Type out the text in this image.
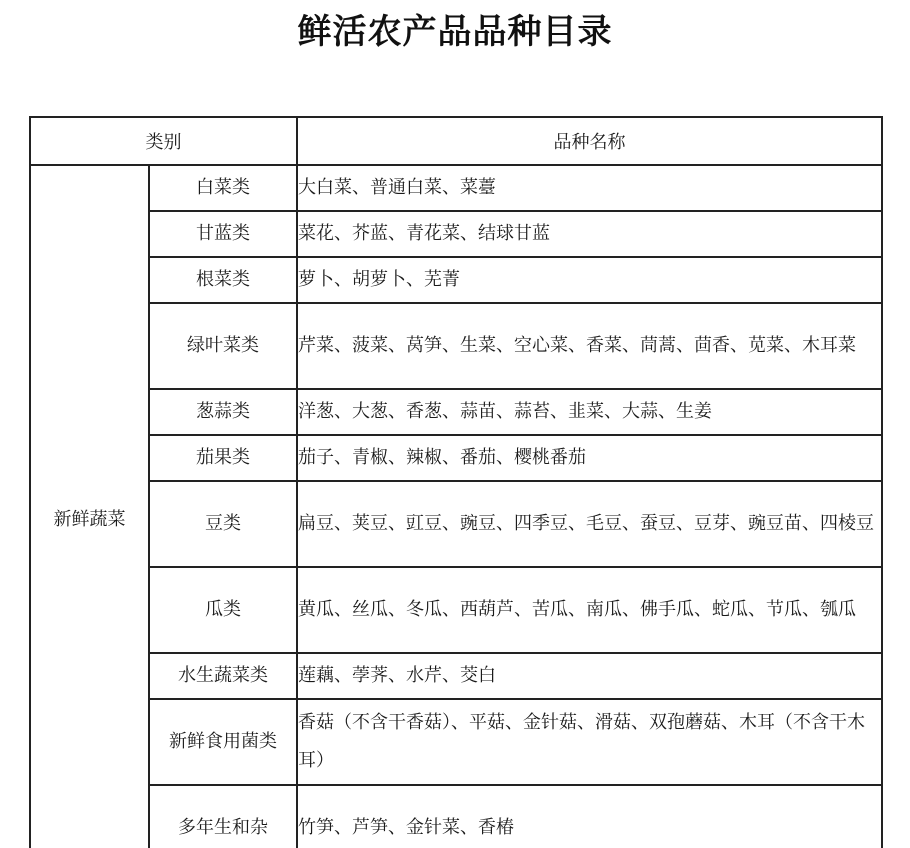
鲜活农产品品种目录
类别		品种名称
新鲜蔬菜	白菜类	大白菜、普通白菜、菜薹
	甘蓝类	菜花、芥蓝、青花菜、结球甘蓝
	根菜类	萝卜、胡萝卜、芜菁
	绿叶菜类	芹菜、菠菜、莴笋、生菜、空心菜、香菜、茼蒿、茴香、苋菜、木耳菜
	葱蒜类	洋葱、大葱、香葱、蒜苗、蒜苔、韭菜、大蒜、生姜
	茄果类	茄子、青椒、辣椒、番茄、樱桃番茄
	豆类	扁豆、荚豆、豇豆、豌豆、四季豆、毛豆、蚕豆、豆芽、豌豆苗、四棱豆
	瓜类	黄瓜、丝瓜、冬瓜、西葫芦、苦瓜、南瓜、佛手瓜、蛇瓜、节瓜、瓠瓜
	水生蔬菜类	莲藕、荸荠、水芹、茭白
	新鲜食用菌类	香菇（不含干香菇）、平菇、金针菇、滑菇、双孢蘑菇、木耳（不含干木耳）
	多年生和杂	竹笋、芦笋、金针菜、香椿
